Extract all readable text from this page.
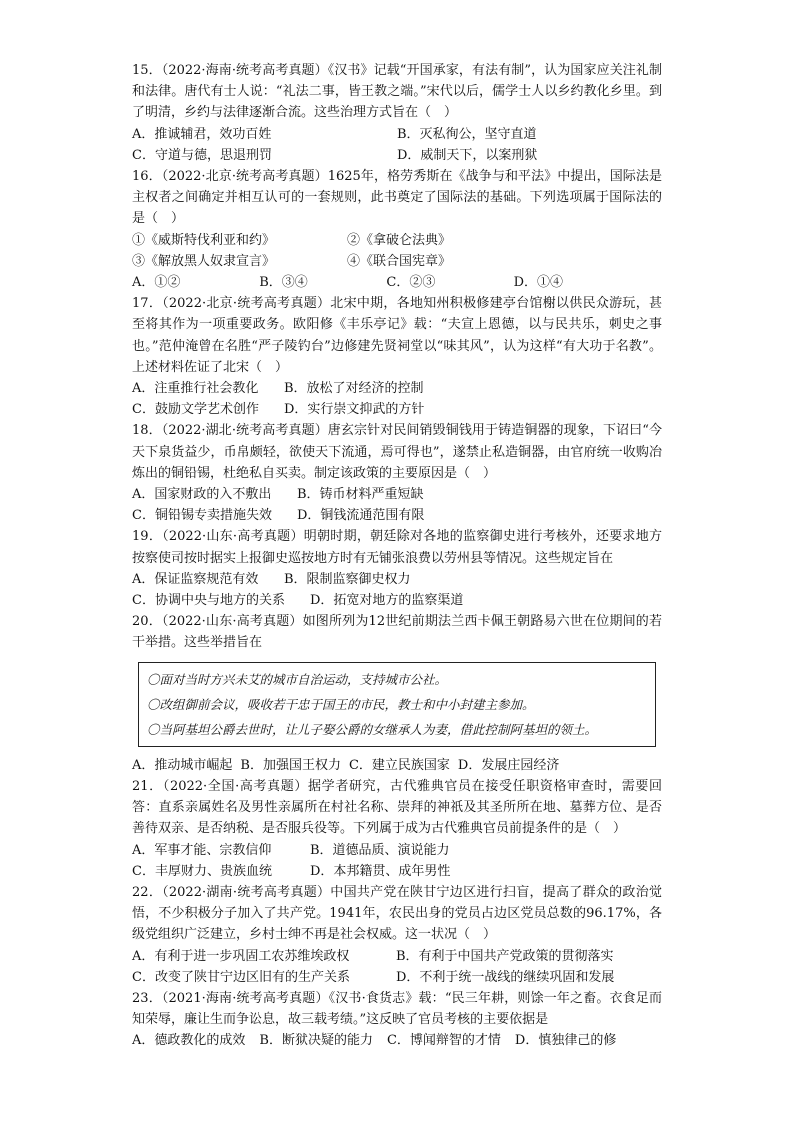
15．（2022·海南·统考高考真题）《汉书》记载“开国承家，有法有制”，认为国家应关注礼制和法律。唐代有士人说：“礼法二事，皆王教之端。”宋代以后，儒学士人以乡约教化乡里。到了明清，乡约与法律逐渐合流。这些治理方式旨在（　）
A．推诚辅君，效功百姓	B．灭私徇公，坚守直道
C．守道与德，思退刑罚	D．威制天下，以案刑狱
16．（2022·北京·统考高考真题）1625年，格劳秀斯在《战争与和平法》中提出，国际法是主权者之间确定并相互认可的一套规则，此书奠定了国际法的基础。下列选项属于国际法的是（　）
①《威斯特伐利亚和约》	②《拿破仑法典》
③《解放黑人奴隶宣言》	④《联合国宪章》
A．①②	B．③④	C．②③	D．①④
17．（2022·北京·统考高考真题）北宋中期，各地知州积极修建亭台馆榭以供民众游玩，甚至将其作为一项重要政务。欧阳修《丰乐亭记》载：“夫宣上恩德，以与民共乐，刺史之事也。”范仲淹曾在名胜“严子陵钓台”边修建先贤祠堂以“味其风”，认为这样“有大功于名教”。上述材料佐证了北宋（　）
A．注重推行社会教化	B．放松了对经济的控制
C．鼓励文学艺术创作	D．实行崇文抑武的方针
18．（2022·湖北·统考高考真题）唐玄宗针对民间销毁铜钱用于铸造铜器的现象，下诏曰“今天下泉货益少，币帛颇轻，欲使天下流通，焉可得也”，遂禁止私造铜器，由官府统一收购冶炼出的铜铅锡，杜绝私自买卖。制定该政策的主要原因是（　）
A．国家财政的入不敷出	B．铸币材料严重短缺
C．铜铅锡专卖措施失效	D．铜钱流通范围有限
19．（2022·山东·高考真题）明朝时期，朝廷除对各地的监察御史进行考核外，还要求地方按察使司按时据实上报御史巡按地方时有无铺张浪费以劳州县等情况。这些规定旨在
A．保证监察规范有效	B．限制监察御史权力
C．协调中央与地方的关系	D．拓宽对地方的监察渠道
20．（2022·山东·高考真题）如图所列为12世纪前期法兰西卡佩王朝路易六世在位期间的若干举措。这些举措旨在
〇面对当时方兴未艾的城市自治运动，支持城市公社。
〇改组御前会议，吸收若干忠于国王的市民，教士和中小封建主参加。
〇当阿基坦公爵去世时，让儿子娶公爵的女继承人为妻，借此控制阿基坦的领土。
A．推动城市崛起 B．加强国王权力 C．建立民族国家 D．发展庄园经济
21．（2022·全国·高考真题）据学者研究，古代雅典官员在接受任职资格审查时，需要回答：直系亲属姓名及男性亲属所在村社名称、崇拜的神祇及其圣所所在地、墓葬方位、是否善待双亲、是否纳税、是否服兵役等。下列属于成为古代雅典官员前提条件的是（　）
A．军事才能、宗教信仰	B．道德品质、演说能力
C．丰厚财力、贵族血统	D．本邦籍贯、成年男性
22．（2022·湖南·统考高考真题）中国共产党在陕甘宁边区进行扫盲，提高了群众的政治觉悟，不少积极分子加入了共产党。1941年，农民出身的党员占边区党员总数的96.17%，各级党组织广泛建立，乡村士绅不再是社会权威。这一状况（　）
A．有利于进一步巩固工农苏维埃政权	B．有利于中国共产党政策的贯彻落实
C．改变了陕甘宁边区旧有的生产关系	D．不利于统一战线的继续巩固和发展
23．（2021·海南·统考高考真题）《汉书·食货志》载：“民三年耕，则馀一年之畜。衣食足而知荣辱，廉让生而争讼息，故三载考绩。”这反映了官员考核的主要依据是
A．德政教化的成效 B．断狱决疑的能力 C．博闻辩智的才情 D．慎独律己的修
